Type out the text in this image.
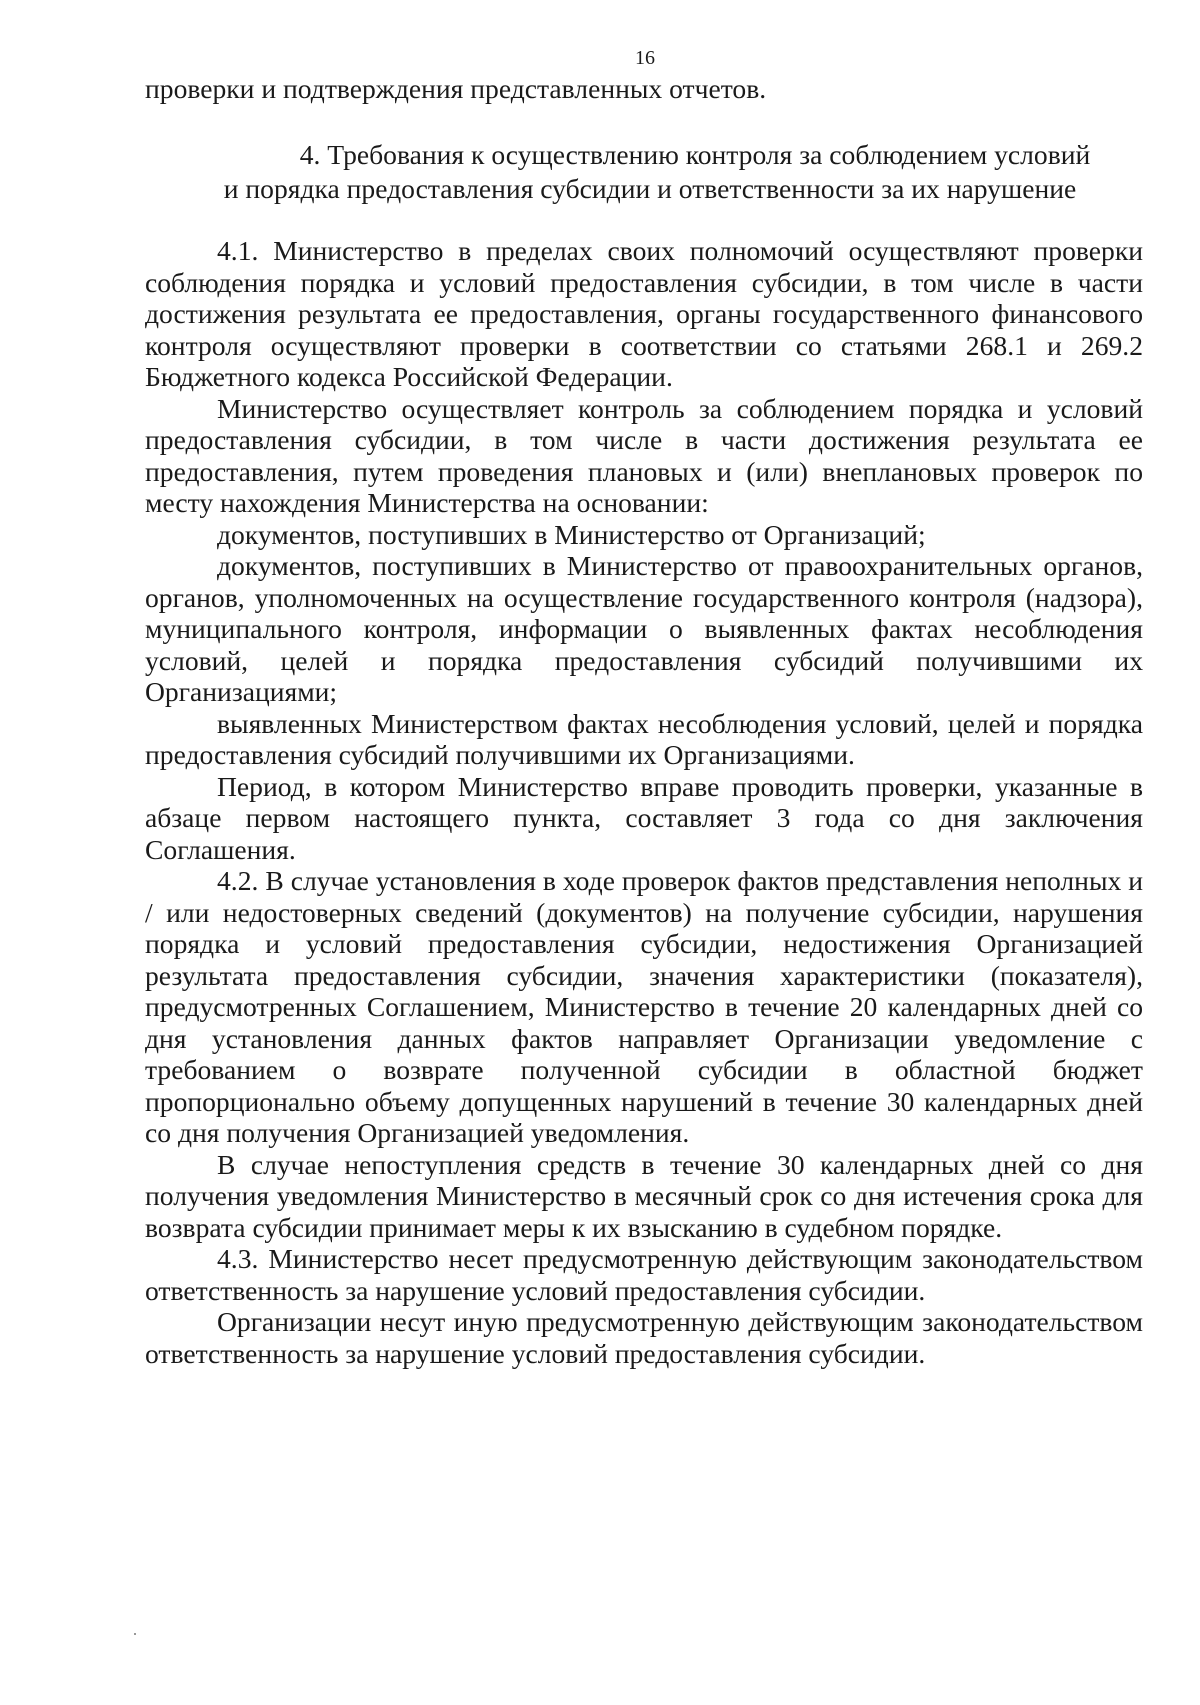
16
проверки и подтверждения представленных отчетов.
4. Требования к осуществлению контроля за соблюдением условий
и порядка предоставления субсидии и ответственности за их нарушение

4.1. Министерство в пределах своих полномочий осуществляют проверки соблюдения порядка и условий предоставления субсидии, в том числе в части достижения результата ее предоставления, органы государственного финансового контроля осуществляют проверки в соответствии со статьями 268.1 и 269.2 Бюджетного кодекса Российской Федерации.

Министерство осуществляет контроль за соблюдением порядка и условий предоставления субсидии, в том числе в части достижения результата ее предоставления, путем проведения плановых и (или) внеплановых проверок по месту нахождения Министерства на основании:

документов, поступивших в Министерство от Организаций;

документов, поступивших в Министерство от правоохранительных органов, органов, уполномоченных на осуществление государственного контроля (надзора), муниципального контроля, информации о выявленных фактах несоблюдения условий, целей и порядка предоставления субсидий получившими их Организациями;

выявленных Министерством фактах несоблюдения условий, целей и порядка предоставления субсидий получившими их Организациями.

Период, в котором Министерство вправе проводить проверки, указанные в абзаце первом настоящего пункта, составляет 3 года со дня заключения Соглашения.

4.2. В случае установления в ходе проверок фактов представления неполных и / или недостоверных сведений (документов) на получение субсидии, нарушения порядка и условий предоставления субсидии, недостижения Организацией результата предоставления субсидии, значения характеристики (показателя), предусмотренных Соглашением, Министерство в течение 20 календарных дней со дня установления данных фактов направляет Организации уведомление с требованием о возврате полученной субсидии в областной бюджет пропорционально объему допущенных нарушений в течение 30 календарных дней со дня получения Организацией уведомления.

В случае непоступления средств в течение 30 календарных дней со дня получения уведомления Министерство в месячный срок со дня истечения срока для возврата субсидии принимает меры к их взысканию в судебном порядке.

4.3. Министерство несет предусмотренную действующим законодательством ответственность за нарушение условий предоставления субсидии.

Организации несут иную предусмотренную действующим законодательством ответственность за нарушение условий предоставления субсидии.
